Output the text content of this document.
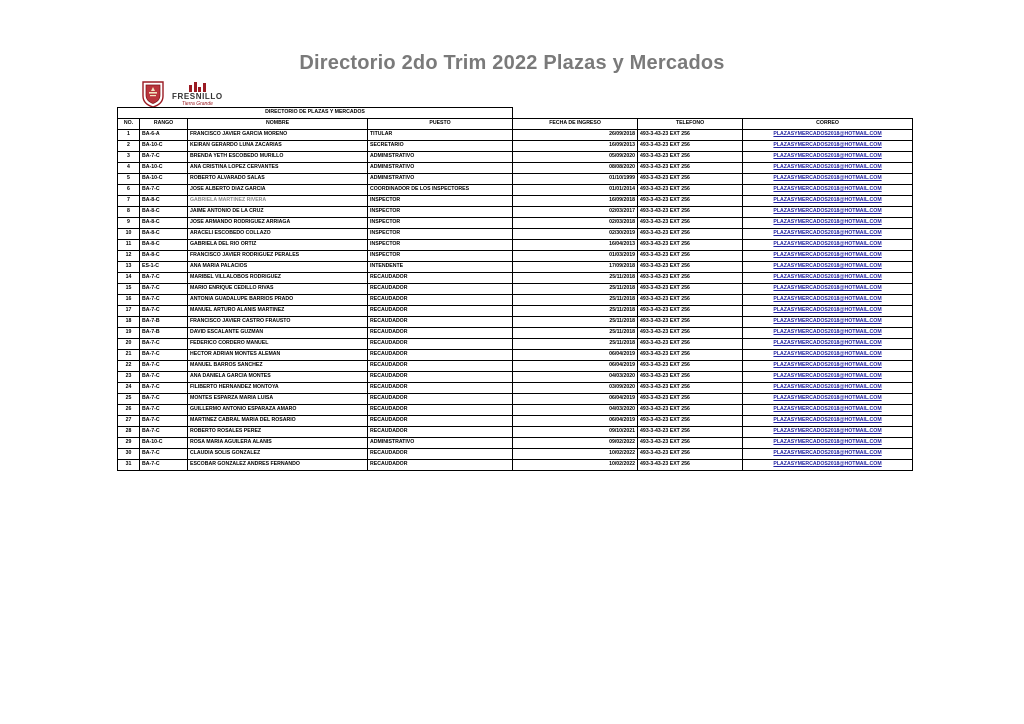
Directorio 2do Trim 2022 Plazas y Mercados
FRESNILLO
Tierra Grande
DIRECTORIO DE PLAZAS Y MERCADOS						
NO.	RANGO	NOMBRE	PUESTO	FECHA DE INGRESO	TELEFONO	CORREO
1	BA-6-A	FRANCISCO JAVIER GARCIA MORENO	TITULAR	26/09/2018	493-3-43-23 EXT 256	PLAZASYMERCADOS2018@HOTMAIL.COM
2	BA-10-C	KEIRAN GERARDO LUNA ZACARIAS	SECRETARIO	16/09/2013	493-3-43-23 EXT 256	PLAZASYMERCADOS2018@HOTMAIL.COM
3	BA-7-C	BRENDA YETH ESCOBEDO MURILLO	ADMINISTRATIVO	05/09/2020	493-3-43-23 EXT 256	PLAZASYMERCADOS2018@HOTMAIL.COM
4	BA-10-C	ANA CRISTINA LOPEZ CERVANTES	ADMINISTRATIVO	08/08/2020	493-3-43-23 EXT 256	PLAZASYMERCADOS2018@HOTMAIL.COM
5	BA-10-C	ROBERTO ALVARADO SALAS	ADMINISTRATIVO	01/10/1999	493-3-43-23 EXT 256	PLAZASYMERCADOS2018@HOTMAIL.COM
6	BA-7-C	JOSE ALBERTO DIAZ GARCIA	COORDINADOR DE LOS INSPECTORES	01/01/2014	493-3-43-23 EXT 256	PLAZASYMERCADOS2018@HOTMAIL.COM
7	BA-8-C	GABRIELA MARTINEZ RIVERA	INSPECTOR	16/09/2018	493-3-43-23 EXT 256	PLAZASYMERCADOS2018@HOTMAIL.COM
8	BA-8-C	JAIME ANTONIO DE LA CRUZ	INSPECTOR	02/03/2017	493-3-43-23 EXT 256	PLAZASYMERCADOS2018@HOTMAIL.COM
9	BA-8-C	JOSE ARMANDO RODRIGUEZ ARRIAGA	INSPECTOR	02/03/2018	493-3-43-23 EXT 256	PLAZASYMERCADOS2018@HOTMAIL.COM
10	BA-8-C	ARACELI ESCOBEDO COLLAZO	INSPECTOR	02/30/2019	493-3-43-23 EXT 256	PLAZASYMERCADOS2018@HOTMAIL.COM
11	BA-8-C	GABRIELA DEL RIO ORTIZ	INSPECTOR	16/04/2013	493-3-43-23 EXT 256	PLAZASYMERCADOS2018@HOTMAIL.COM
12	BA-8-C	FRANCISCO JAVIER RODRIGUEZ PERALES	INSPECTOR	01/03/2019	493-3-43-23 EXT 256	PLAZASYMERCADOS2018@HOTMAIL.COM
13	ES-1-C	ANA MARIA PALACIOS	INTENDENTE	17/09/2018	493-3-43-23 EXT 256	PLAZASYMERCADOS2018@HOTMAIL.COM
14	BA-7-C	MARIBEL VILLALOBOS RODRIGUEZ	RECAUDADOR	25/11/2018	493-3-43-23 EXT 256	PLAZASYMERCADOS2018@HOTMAIL.COM
15	BA-7-C	MARIO ENRIQUE CEDILLO RIVAS	RECAUDADOR	25/11/2018	493-3-43-23 EXT 256	PLAZASYMERCADOS2018@HOTMAIL.COM
16	BA-7-C	ANTONIA GUADALUPE BARRIOS PRADO	RECAUDADOR	25/11/2018	493-3-43-23 EXT 256	PLAZASYMERCADOS2018@HOTMAIL.COM
17	BA-7-C	MANUEL ARTURO ALANIS MARTINEZ	RECAUDADOR	25/11/2018	493-3-43-23 EXT 256	PLAZASYMERCADOS2018@HOTMAIL.COM
18	BA-7-B	FRANCISCO JAVIER CASTRO FRAUSTO	RECAUDADOR	25/11/2018	493-3-43-23 EXT 256	PLAZASYMERCADOS2018@HOTMAIL.COM
19	BA-7-B	DAVID ESCALANTE GUZMAN	RECAUDADOR	25/11/2018	493-3-43-23 EXT 256	PLAZASYMERCADOS2018@HOTMAIL.COM
20	BA-7-C	FEDERICO CORDERO MANUEL	RECAUDADOR	25/11/2018	493-3-43-23 EXT 256	PLAZASYMERCADOS2018@HOTMAIL.COM
21	BA-7-C	HECTOR ADRIAN MONTES ALEMAN	RECAUDADOR	06/04/2019	493-3-43-23 EXT 256	PLAZASYMERCADOS2018@HOTMAIL.COM
22	BA-7-C	MANUEL BARROS SANCHEZ	RECAUDADOR	06/04/2019	493-3-43-23 EXT 256	PLAZASYMERCADOS2018@HOTMAIL.COM
23	BA-7-C	ANA DANIELA GARCIA MONTES	RECAUDADOR	04/03/2020	493-3-43-23 EXT 256	PLAZASYMERCADOS2018@HOTMAIL.COM
24	BA-7-C	FILIBERTO HERNANDEZ MONTOYA	RECAUDADOR	03/09/2020	493-3-43-23 EXT 256	PLAZASYMERCADOS2018@HOTMAIL.COM
25	BA-7-C	MONTES ESPARZA MARIA LUISA	RECAUDADOR	06/04/2019	493-3-43-23 EXT 256	PLAZASYMERCADOS2018@HOTMAIL.COM
26	BA-7-C	GUILLERMO ANTONIO ESPARAZA AMARO	RECAUDADOR	04/03/2020	493-3-43-23 EXT 256	PLAZASYMERCADOS2018@HOTMAIL.COM
27	BA-7-C	MARTINEZ CABRAL MARIA DEL ROSARIO	RECAUDADOR	06/04/2019	493-3-43-23 EXT 256	PLAZASYMERCADOS2018@HOTMAIL.COM
28	BA-7-C	ROBERTO ROSALES PEREZ	RECAUDADOR	09/10/2021	493-3-43-23 EXT 256	PLAZASYMERCADOS2018@HOTMAIL.COM
29	BA-10-C	ROSA MARIA AGUILERA ALANIS	ADMINISTRATIVO	09/02/2022	493-3-43-23 EXT 256	PLAZASYMERCADOS2018@HOTMAIL.COM
30	BA-7-C	CLAUDIA SOLIS GONZALEZ	RECAUDADOR	10/02/2022	493-3-43-23 EXT 256	PLAZASYMERCADOS2018@HOTMAIL.COM
31	BA-7-C	ESCOBAR GONZALEZ ANDRES FERNANDO	RECAUDADOR	10/02/2022	493-3-43-23 EXT 256	PLAZASYMERCADOS2018@HOTMAIL.COM
